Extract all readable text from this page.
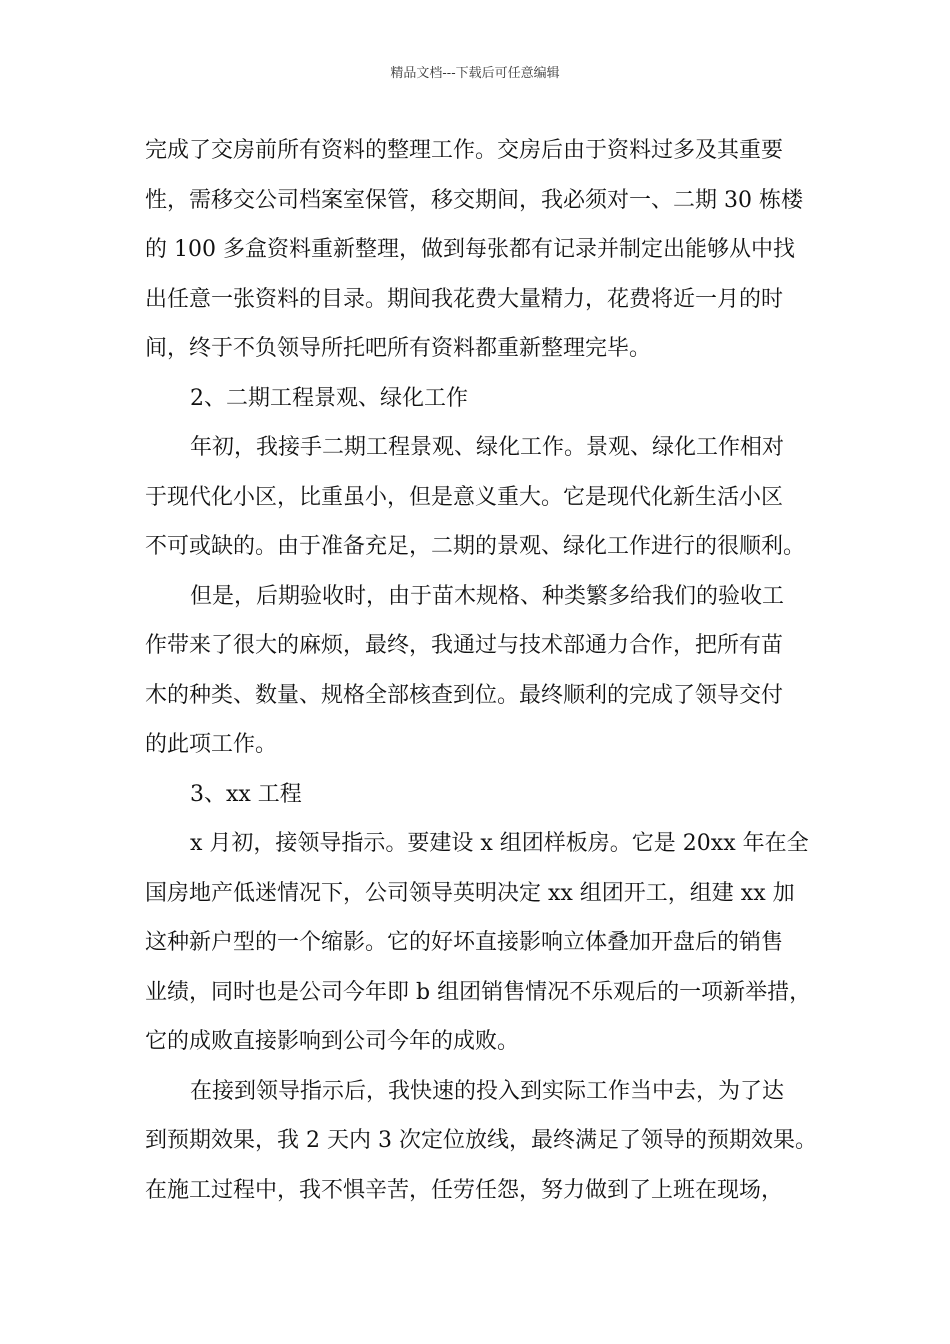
精品文档---下载后可任意编辑
完成了交房前所有资料的整理工作。交房后由于资料过多及其重要
性，需移交公司档案室保管，移交期间，我必须对一、二期 30 栋楼
的 100 多盒资料重新整理，做到每张都有记录并制定出能够从中找
出任意一张资料的目录。期间我花费大量精力，花费将近一月的时
间，终于不负领导所托吧所有资料都重新整理完毕。
2、二期工程景观、绿化工作
年初，我接手二期工程景观、绿化工作。景观、绿化工作相对
于现代化小区，比重虽小，但是意义重大。它是现代化新生活小区
不可或缺的。由于准备充足，二期的景观、绿化工作进行的很顺利。
但是，后期验收时，由于苗木规格、种类繁多给我们的验收工
作带来了很大的麻烦，最终，我通过与技术部通力合作，把所有苗
木的种类、数量、规格全部核查到位。最终顺利的完成了领导交付
的此项工作。
3、xx 工程
x 月初，接领导指示。要建设 x 组团样板房。它是 20xx 年在全
国房地产低迷情况下，公司领导英明决定 xx 组团开工，组建 xx 加
这种新户型的一个缩影。它的好坏直接影响立体叠加开盘后的销售
业绩，同时也是公司今年即 b 组团销售情况不乐观后的一项新举措，
它的成败直接影响到公司今年的成败。
在接到领导指示后，我快速的投入到实际工作当中去，为了达
到预期效果，我 2 天内 3 次定位放线，最终满足了领导的预期效果。
在施工过程中，我不惧辛苦，任劳任怨，努力做到了上班在现场，
